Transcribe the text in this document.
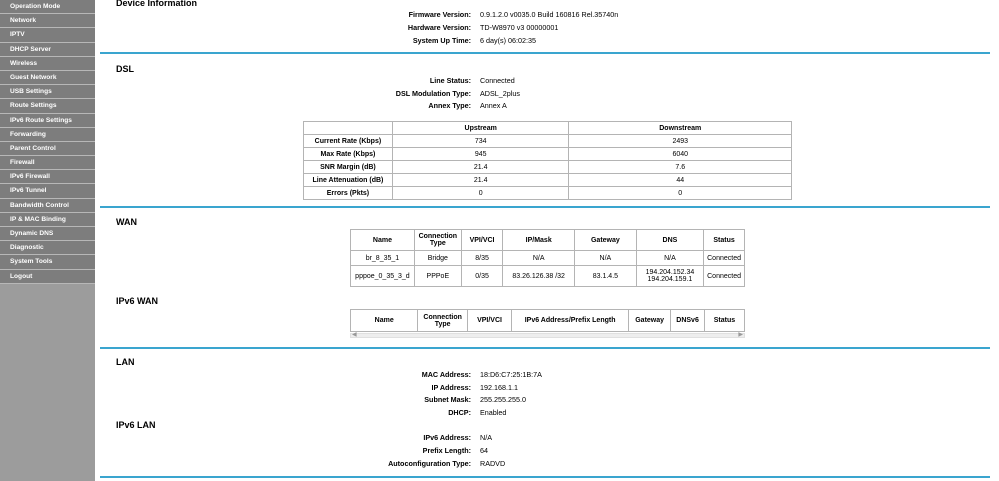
Operation Mode
Network
IPTV
DHCP Server
Wireless
Guest Network
USB Settings
Route Settings
IPv6 Route Settings
Forwarding
Parent Control
Firewall
IPv6 Firewall
IPv6 Tunnel
Bandwidth Control
IP & MAC Binding
Dynamic DNS
Diagnostic
System Tools
Logout
Device Information
Firmware Version: 0.9.1.2.0 v0035.0 Build 160816 Rel.35740n
Hardware Version: TD-W8970 v3 00000001
System Up Time: 6 day(s) 06:02:35
DSL
Line Status: Connected
DSL Modulation Type: ADSL_2plus
Annex Type: Annex A
	Upstream	Downstream
Current Rate (Kbps)	734	2493
Max Rate (Kbps)	945	6040
SNR Margin (dB)	21.4	7.6
Line Attenuation (dB)	21.4	44
Errors (Pkts)	0	0
WAN
Name	Connection Type	VPI/VCI	IP/Mask	Gateway	DNS	Status
br_8_35_1	Bridge	8/35	N/A	N/A	N/A	Connected
pppoe_0_35_3_d	PPPoE	0/35	83.26.126.38 /32	83.1.4.5	194.204.152.34 194.204.159.1	Connected
IPv6 WAN
Name	Connection Type	VPI/VCI	IPv6 Address/Prefix Length	Gateway	DNSv6	Status
◀	▶
LAN
MAC Address: 18:D6:C7:25:1B:7A
IP Address: 192.168.1.1
Subnet Mask: 255.255.255.0
DHCP: Enabled
IPv6 LAN
IPv6 Address: N/A
Prefix Length: 64
Autoconfiguration Type: RADVD
